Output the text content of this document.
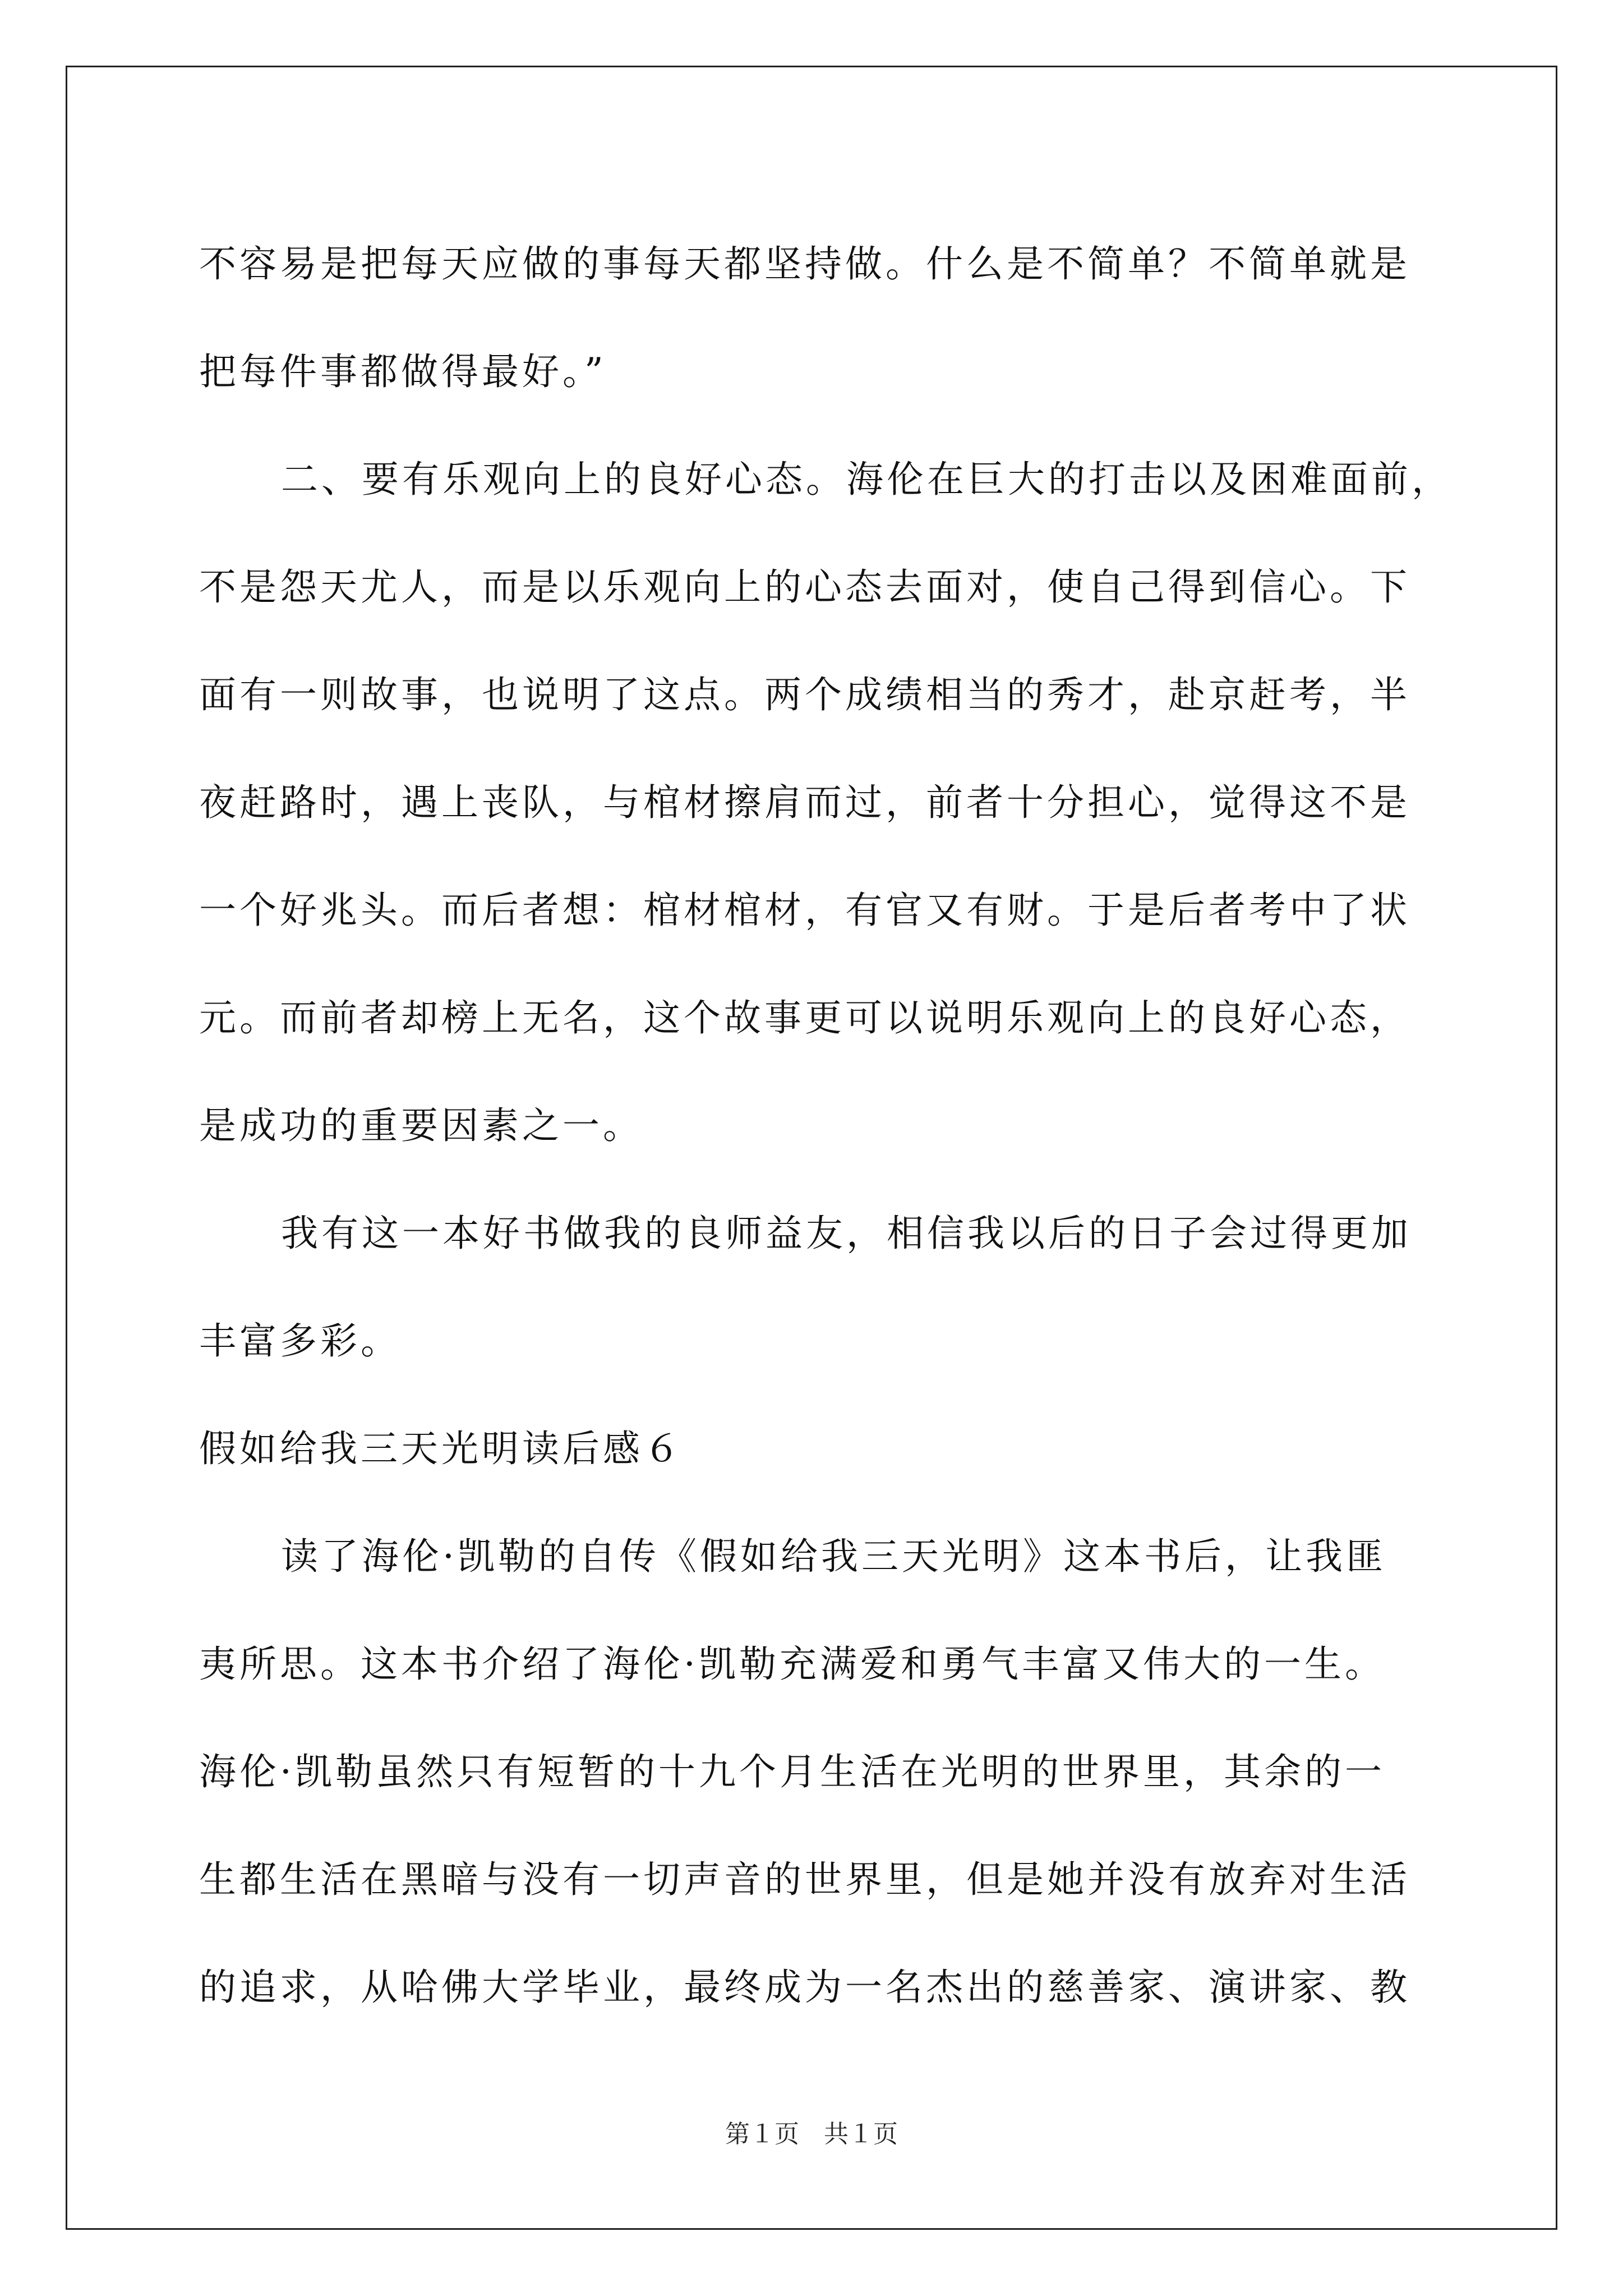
不容易是把每天应做的事每天都坚持做。什么是不简单？不简单就是
把每件事都做得最好。”
二、要有乐观向上的良好心态。海伦在巨大的打击以及困难面前，
不是怨天尤人，而是以乐观向上的心态去面对，使自己得到信心。下
面有一则故事，也说明了这点。两个成绩相当的秀才，赴京赶考，半
夜赶路时，遇上丧队，与棺材擦肩而过，前者十分担心，觉得这不是
一个好兆头。而后者想：棺材棺材，有官又有财。于是后者考中了状
元。而前者却榜上无名，这个故事更可以说明乐观向上的良好心态，
是成功的重要因素之一。
我有这一本好书做我的良师益友，相信我以后的日子会过得更加
丰富多彩。
假如给我三天光明读后感６
读了海伦·凯勒的自传《假如给我三天光明》这本书后，让我匪
夷所思。这本书介绍了海伦·凯勒充满爱和勇气丰富又伟大的一生。
海伦·凯勒虽然只有短暂的十九个月生活在光明的世界里，其余的一
生都生活在黑暗与没有一切声音的世界里，但是她并没有放弃对生活
的追求，从哈佛大学毕业，最终成为一名杰出的慈善家、演讲家、教
第１页　共１页
